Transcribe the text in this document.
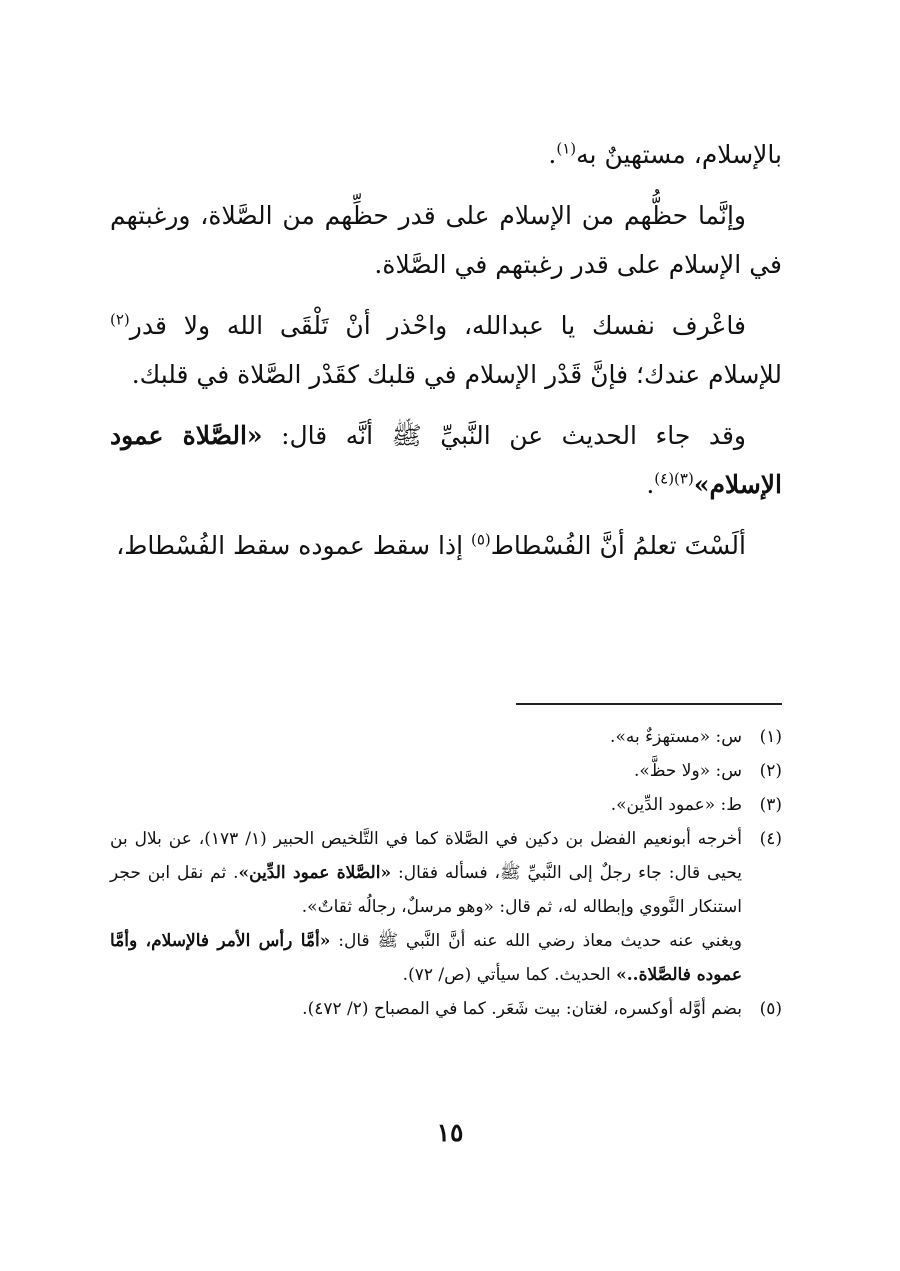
بالإسلام، مستهينٌ به$^{(١)}$.

وإنَّما حظُّهم من الإسلام على قدر حظِّهم من الصَّلاة، ورغبتهم في الإسلام على قدر رغبتهم في الصَّلاة.

فاعْرف نفسك يا عبدالله، واحْذر أنْ تَلْقَى الله ولا قدر$^{(٢)}$ للإسلام عندك؛ فإنَّ قَدْر الإسلام في قلبك كقَدْر الصَّلاة في قلبك.

وقد جاء الحديث عن النَّبيِّ ﷺ أنَّه قال: «الصَّلاة عمود الإسلام»$^{(٣)(٤)}$.

ألَسْتَ تعلمُ أنَّ الفُسْطاط$^{(٥)}$ إذا سقط عموده سقط الفُسْطاط،

(١)
س: «مستهزءٌ به».
(٢)
س: «ولا حظَّ».
(٣)
ط: «عمود الدِّين».
(٤)

أخرجه أبونعيم الفضل بن دكين في الصَّلاة كما في التَّلخيص الحبير (١/ ١٧٣)، عن بلال بن يحيى قال: جاء رجلٌ إلى النَّبيِّ ﷺ، فسأله فقال: «الصَّلاة عمود الدِّين». ثم نقل ابن حجر استنكار النَّووي وإبطاله له، ثم قال: «وهو مرسلٌ، رجالُه ثقاتٌ».

ويغني عنه حديث معاذ رضي الله عنه أنَّ النَّبي ﷺ قال: «أمَّا رأس الأمر فالإسلام، وأمَّا عموده فالصَّلاة..» الحديث. كما سيأتي (ص/ ٧٢).

(٥)
بضم أوَّله أوكسره، لغتان: بيت شَعَر. كما في المصباح (٢/ ٤٧٢).
١٥
